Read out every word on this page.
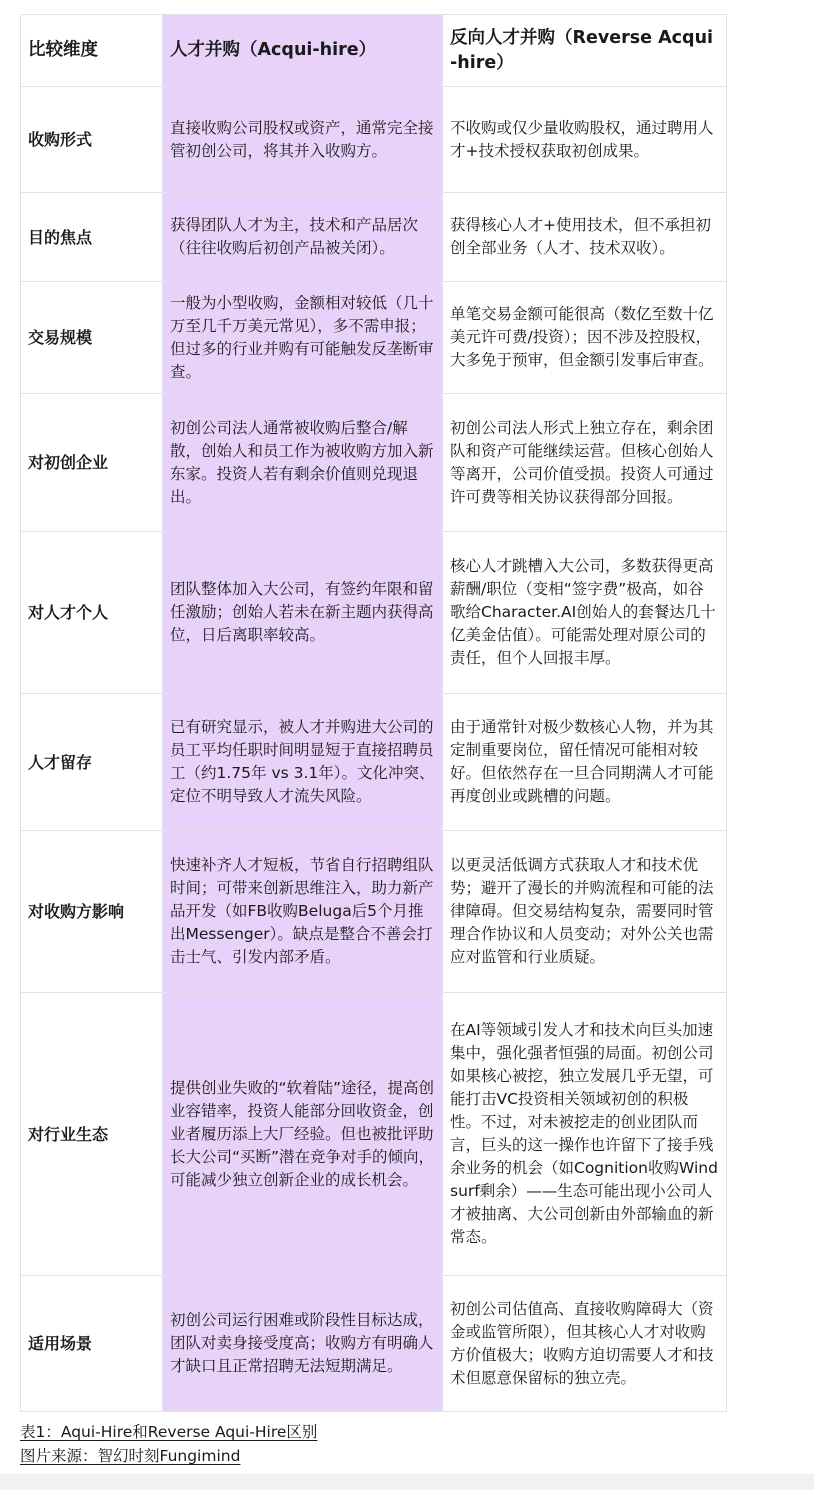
比较维度	人才并购（Acqui-hire）	反向人才并购（Reverse Acqui-hire）
收购形式	直接收购公司股权或资产，通常完全接管初创公司，将其并入收购方。	不收购或仅少量收购股权，通过聘用人才+技术授权获取初创成果。
目的焦点	获得团队人才为主，技术和产品居次（往往收购后初创产品被关闭）。	获得核心人才+使用技术，但不承担初创全部业务（人才、技术双收）。
交易规模	一般为小型收购，金额相对较低（几十万至几千万美元常见），多不需申报；但过多的行业并购有可能触发反垄断审查。	单笔交易金额可能很高（数亿至数十亿美元许可费/投资）；因不涉及控股权，大多免于预审，但金额引发事后审查。
对初创企业	初创公司法人通常被收购后整合/解散，创始人和员工作为被收购方加入新东家。投资人若有剩余价值则兑现退出。	初创公司法人形式上独立存在，剩余团队和资产可能继续运营。但核心创始人等离开，公司价值受损。投资人可通过许可费等相关协议获得部分回报。
对人才个人	团队整体加入大公司，有签约年限和留任激励；创始人若未在新主题内获得高位，日后离职率较高。	核心人才跳槽入大公司，多数获得更高薪酬/职位（变相“签字费”极高，如谷歌给Character.AI创始人的套餐达几十亿美金估值）。可能需处理对原公司的责任，但个人回报丰厚。
人才留存	已有研究显示，被人才并购进大公司的员工平均任职时间明显短于直接招聘员工（约1.75年 vs 3.1年）。文化冲突、定位不明导致人才流失风险。	由于通常针对极少数核心人物，并为其定制重要岗位，留任情况可能相对较好。但依然存在一旦合同期满人才可能再度创业或跳槽的问题。
对收购方影响	快速补齐人才短板，节省自行招聘组队时间；可带来创新思维注入，助力新产品开发（如FB收购Beluga后5个月推出Messenger）。缺点是整合不善会打击士气、引发内部矛盾。	以更灵活低调方式获取人才和技术优势；避开了漫长的并购流程和可能的法律障碍。但交易结构复杂，需要同时管理合作协议和人员变动；对外公关也需应对监管和行业质疑。
对行业生态	提供创业失败的“软着陆”途径，提高创业容错率，投资人能部分回收资金，创业者履历添上大厂经验。但也被批评助长大公司“买断”潜在竞争对手的倾向，可能减少独立创新企业的成长机会。	在AI等领域引发人才和技术向巨头加速集中，强化强者恒强的局面。初创公司如果核心被挖，独立发展几乎无望，可能打击VC投资相关领域初创的积极性。不过，对未被挖走的创业团队而言，巨头的这一操作也许留下了接手残余业务的机会（如Cognition收购Windsurf剩余）——生态可能出现小公司人才被抽离、大公司创新由外部输血的新常态。
适用场景	初创公司运行困难或阶段性目标达成，团队对卖身接受度高；收购方有明确人才缺口且正常招聘无法短期满足。	初创公司估值高、直接收购障碍大（资金或监管所限），但其核心人才对收购方价值极大；收购方迫切需要人才和技术但愿意保留标的独立壳。
表1：Aqui-Hire和Reverse Aqui-Hire区别
图片来源：智幻时刻Fungimind
